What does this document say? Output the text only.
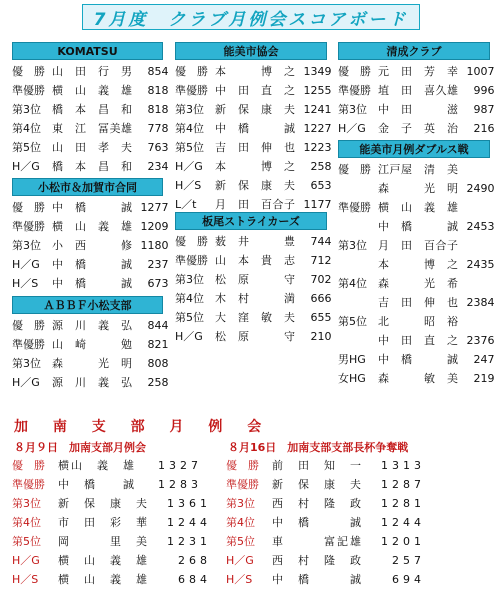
7月度　クラブ月例会スコアボード
KOMATSU
優　勝 山　田　行　男	854
準優勝 横　山　義　雄	818
第3位	橋　本　昌　和	818
第4位	東　江　冨美雄	778
第5位	山　田　孝　夫	763
H／G	橋　本　昌　和	234
小松市＆加賀市合同
優　勝 中　橋　　　誠 1277
準優勝 横　山　義　雄 1209
第3位	小　西　　　修 1180
H／G	中　橋　　　誠	237
H／S	中　橋　　　誠	673
ＡＢＢＦ小松支部
優　勝 源　川　義　弘	844
準優勝 山　崎　　　勉	821
第3位	森　　　光　明	808
H／G	源　川　義　弘	258
能美市協会
優　勝 本　　　博　之 1349
準優勝 中　田　直　之 1255
第3位	新　保　康　夫 1241
第4位	中　橋　　　誠 1227
第5位	吉　田　伸　也 1223
H／G	本　　　博　之	258
H／S	新　保　康　夫	653
L／t	月　田　百合子 1177
板尾ストライカーズ
優　勝 薮　井　　　豊	744
準優勝 山　本　貴　志	712
第3位	松　原　　　守	702
第4位	木　村　　　満	666
第5位	大　窪　敏　夫	655
H／G	松　原　　　守	210
清成クラブ
優　勝 元　田　芳　幸 1007
準優勝 埴　田　喜久雄	996
第3位	中　田　　　滋	987
H／G	金　子　英　治	216
能美市月例ダブルス戦
優　勝 江戸屋　清　美
森　　　光　明 2490
準優勝 横　山　義　雄
中　橋　　　誠 2453
第3位	月　田　百合子
本　　　博　之 2435
第4位	森　　　光　希
吉　田　伸　也 2384
第5位	北　　　昭　裕
中　田　直　之 2376
男HG	中　橋　　　誠	247
女HG	森　　　敏　美	219
加 南 支 部 月 例 会
８月９日　加南支部月例会
優　勝	横山　義　雄	1327
準優勝	中　橋　　誠	1283
第3位	新　保　康　夫	1361
第4位	市　田　彩　華	1244
第5位	岡　　　里　美	1231
H／G	横　山　義　雄	268
H／S	横　山　義　雄	684
８月16日　加南支部支部長杯争奪戦
優　勝	前　田　知　一	1313
準優勝	新　保　康　夫	1287
第3位	西　村　隆　政	1281
第4位	中　橋　　　誠	1244
第5位	車　　　富記雄	1201
H／G	西　村　隆　政	257
H／S	中　橋　　　誠	694
